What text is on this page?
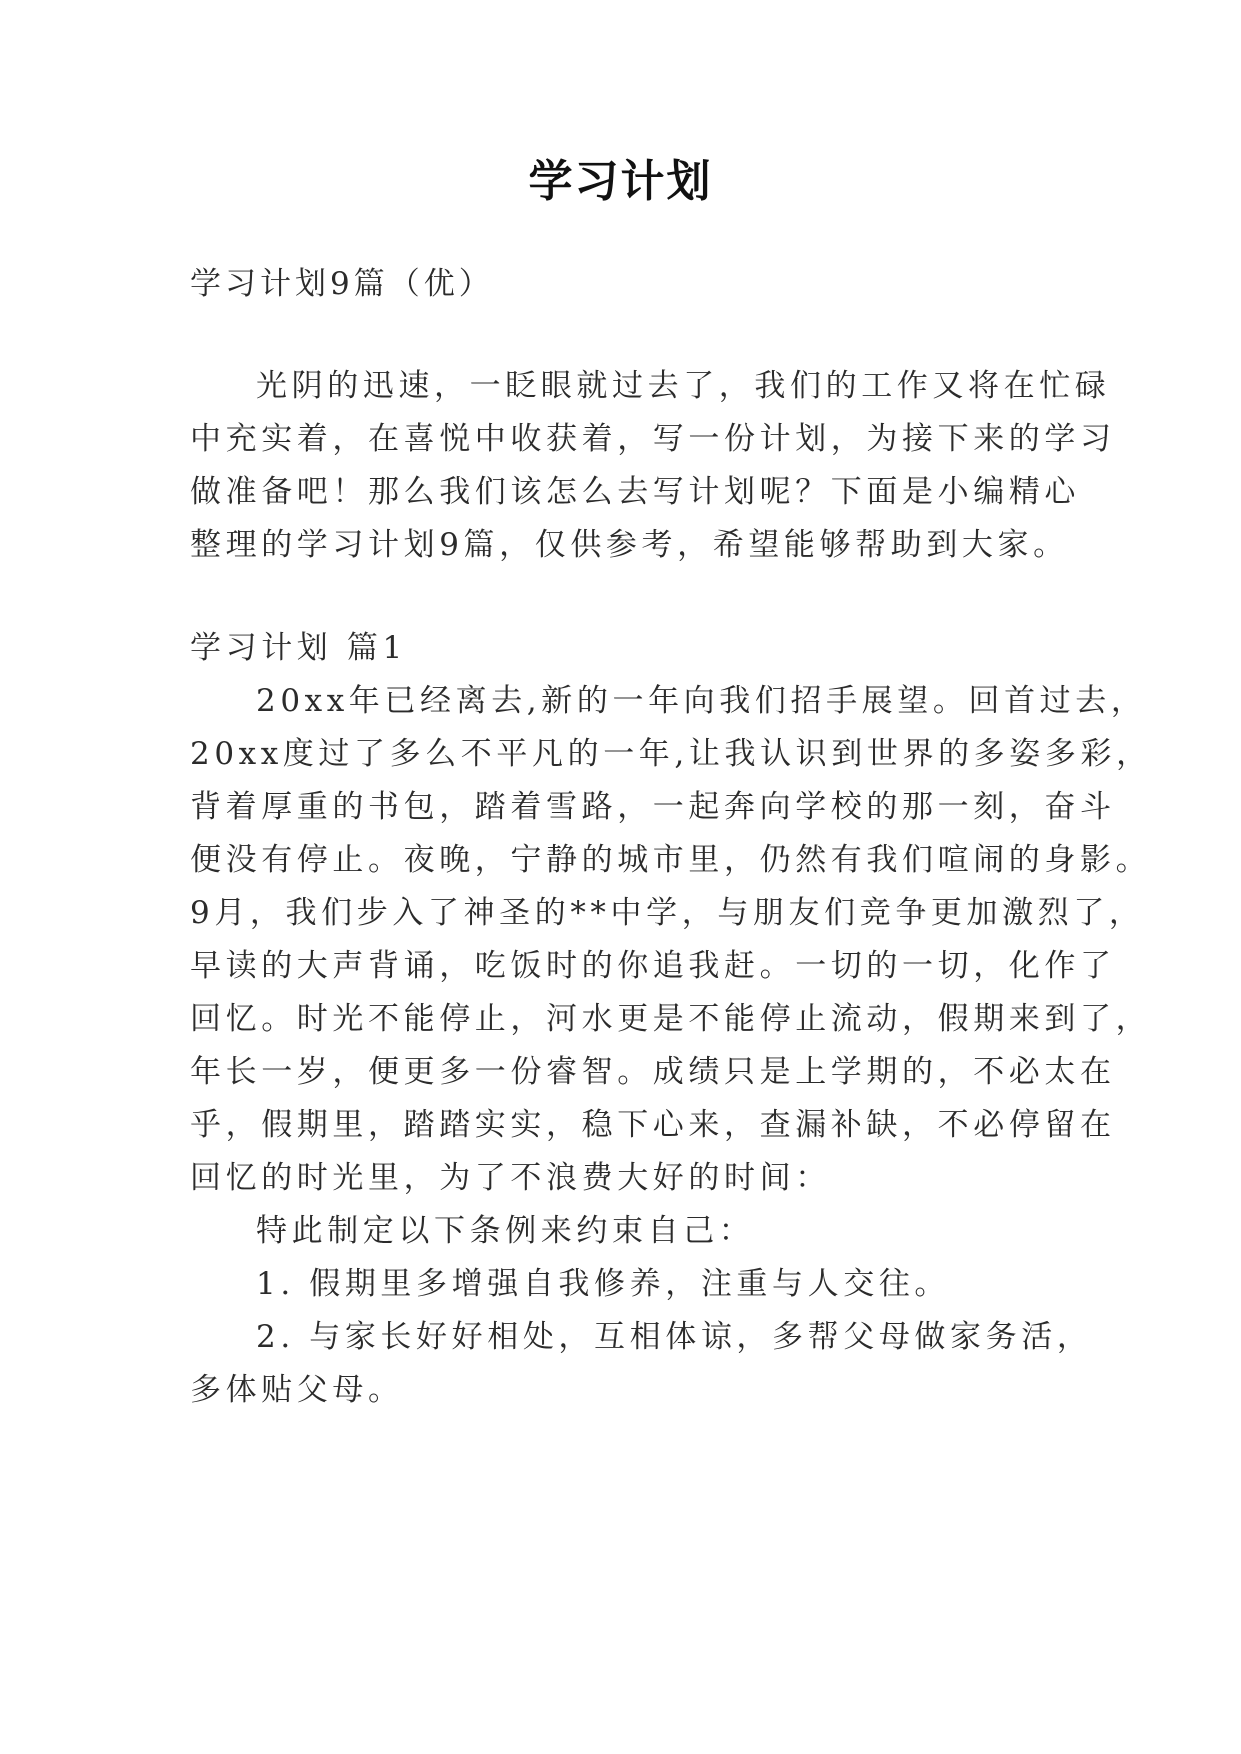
学习计划

学习计划9篇（优）

光阴的迅速，一眨眼就过去了，我们的工作又将在忙碌

中充实着，在喜悦中收获着，写一份计划，为接下来的学习

做准备吧！那么我们该怎么去写计划呢？下面是小编精心

整理的学习计划9篇，仅供参考，希望能够帮助到大家。

学习计划 篇1

20xx年已经离去,新的一年向我们招手展望。回首过去，

20xx度过了多么不平凡的一年,让我认识到世界的多姿多彩，

背着厚重的书包，踏着雪路，一起奔向学校的那一刻，奋斗

便没有停止。夜晚，宁静的城市里，仍然有我们喧闹的身影。

9月，我们步入了神圣的**中学，与朋友们竞争更加激烈了，

早读的大声背诵，吃饭时的你追我赶。一切的一切，化作了

回忆。时光不能停止，河水更是不能停止流动，假期来到了，

年长一岁，便更多一份睿智。成绩只是上学期的，不必太在

乎，假期里，踏踏实实，稳下心来，查漏补缺，不必停留在

回忆的时光里，为了不浪费大好的时间：

特此制定以下条例来约束自己：

1. 假期里多增强自我修养，注重与人交往。

2. 与家长好好相处，互相体谅，多帮父母做家务活，

多体贴父母。
